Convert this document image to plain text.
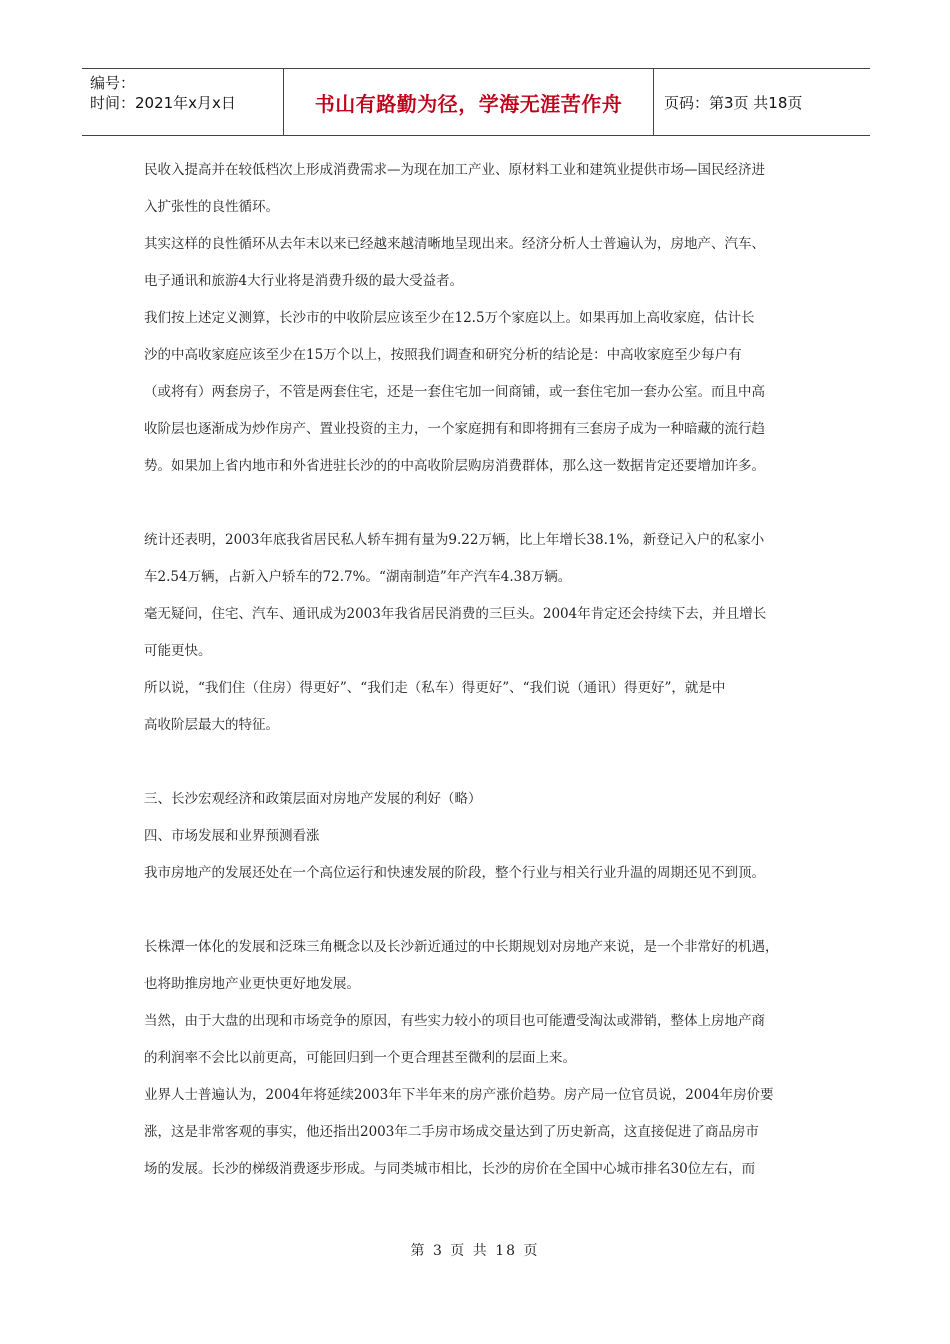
编号：
时间：2021年x月x日	书山有路勤为径，学海无涯苦作舟	页码：第3页 共18页
民收入提高并在较低档次上形成消费需求—为现在加工产业、原材料工业和建筑业提供市场—国民经济进
入扩张性的良性循环。
其实这样的良性循环从去年末以来已经越来越清晰地呈现出来。经济分析人士普遍认为，房地产、汽车、
电子通讯和旅游4大行业将是消费升级的最大受益者。
我们按上述定义测算，长沙市的中收阶层应该至少在12.5万个家庭以上。如果再加上高收家庭，估计长
沙的中高收家庭应该至少在15万个以上，按照我们调查和研究分析的结论是：中高收家庭至少每户有
（或将有）两套房子，不管是两套住宅，还是一套住宅加一间商铺，或一套住宅加一套办公室。而且中高
收阶层也逐渐成为炒作房产、置业投资的主力，一个家庭拥有和即将拥有三套房子成为一种暗藏的流行趋
势。如果加上省内地市和外省进驻长沙的的中高收阶层购房消费群体，那么这一数据肯定还要增加许多。
统计还表明，2003年底我省居民私人轿车拥有量为9.22万辆，比上年增长38.1%，新登记入户的私家小
车2.54万辆，占新入户轿车的72.7%。“湖南制造”年产汽车4.38万辆。
毫无疑问，住宅、汽车、通讯成为2003年我省居民消费的三巨头。2004年肯定还会持续下去，并且增长
可能更快。
所以说，“我们住（住房）得更好”、“我们走（私车）得更好”、“我们说（通讯）得更好”，就是中
高收阶层最大的特征。
三、长沙宏观经济和政策层面对房地产发展的利好（略）
四、市场发展和业界预测看涨
我市房地产的发展还处在一个高位运行和快速发展的阶段，整个行业与相关行业升温的周期还见不到顶。
长株潭一体化的发展和泛珠三角概念以及长沙新近通过的中长期规划对房地产来说，是一个非常好的机遇，
也将助推房地产业更快更好地发展。
当然，由于大盘的出现和市场竞争的原因，有些实力较小的项目也可能遭受淘汰或滞销，整体上房地产商
的利润率不会比以前更高，可能回归到一个更合理甚至微利的层面上来。
业界人士普遍认为，2004年将延续2003年下半年来的房产涨价趋势。房产局一位官员说，2004年房价要
涨，这是非常客观的事实，他还指出2003年二手房市场成交量达到了历史新高，这直接促进了商品房市
场的发展。长沙的梯级消费逐步形成。与同类城市相比，长沙的房价在全国中心城市排名30位左右，而
第 3 页 共 18 页
